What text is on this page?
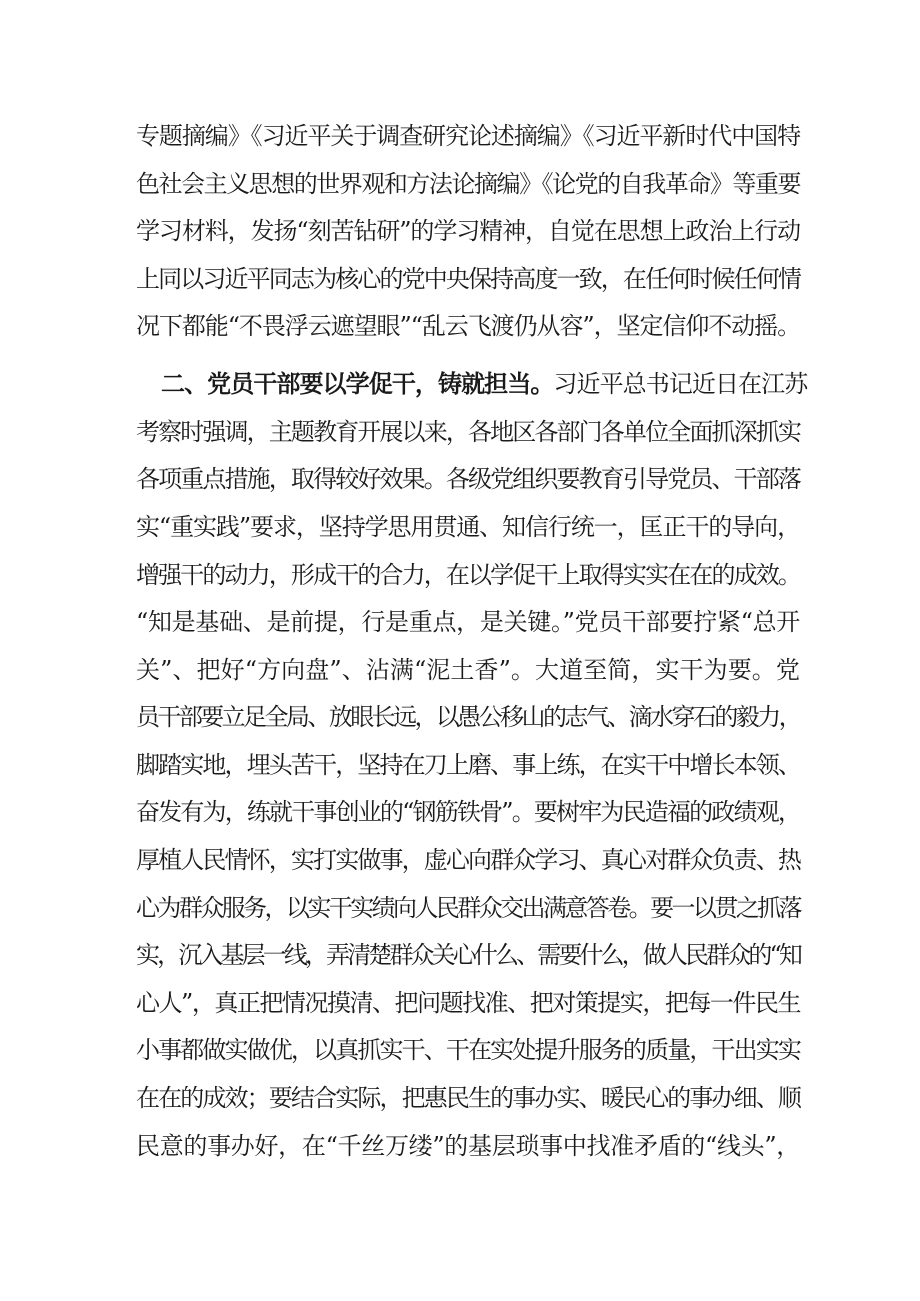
专题摘编》《习近平关于调查研究论述摘编》《习近平新时代中国特
色社会主义思想的世界观和方法论摘编》《论党的自我革命》等重要
学习材料，发扬“刻苦钻研”的学习精神，自觉在思想上政治上行动
上同以习近平同志为核心的党中央保持高度一致，在任何时候任何情
况下都能“不畏浮云遮望眼”“乱云飞渡仍从容”，坚定信仰不动摇。
二、党员干部要以学促干，铸就担当。习近平总书记近日在江苏
考察时强调，主题教育开展以来，各地区各部门各单位全面抓深抓实
各项重点措施，取得较好效果。各级党组织要教育引导党员、干部落
实“重实践”要求，坚持学思用贯通、知信行统一，匡正干的导向，
增强干的动力，形成干的合力，在以学促干上取得实实在在的成效。
“知是基础、是前提，行是重点，是关键。”党员干部要拧紧“总开
关”、把好“方向盘”、沾满“泥土香”。大道至简，实干为要。党
员干部要立足全局、放眼长远，以愚公移山的志气、滴水穿石的毅力，
脚踏实地，埋头苦干，坚持在刀上磨、事上练，在实干中增长本领、
奋发有为，练就干事创业的“钢筋铁骨”。要树牢为民造福的政绩观，
厚植人民情怀，实打实做事，虚心向群众学习、真心对群众负责、热
心为群众服务，以实干实绩向人民群众交出满意答卷。要一以贯之抓落
实，沉入基层一线，弄清楚群众关心什么、需要什么，做人民群众的“知
心人”，真正把情况摸清、把问题找准、把对策提实，把每一件民生
小事都做实做优，以真抓实干、干在实处提升服务的质量，干出实实
在在的成效；要结合实际，把惠民生的事办实、暖民心的事办细、顺
民意的事办好，在“千丝万缕”的基层琐事中找准矛盾的“线头”，
